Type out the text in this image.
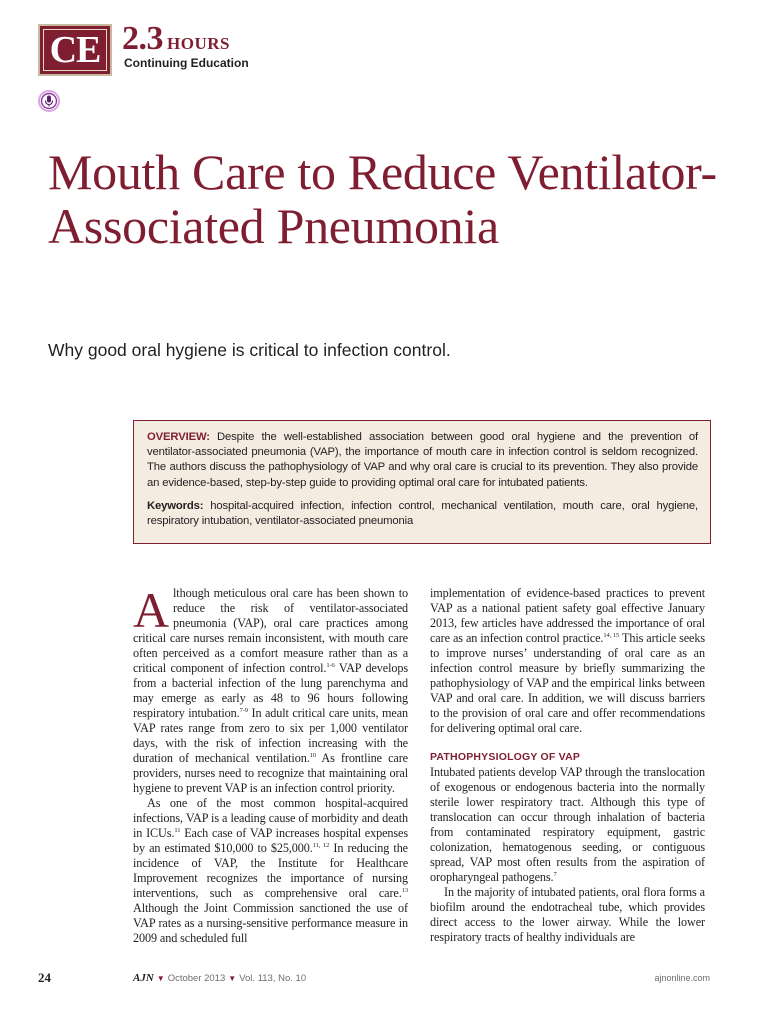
CE 2.3 HOURS
Continuing Education
Mouth Care to Reduce Ventilator-Associated Pneumonia

Why good oral hygiene is critical to infection control.

OVERVIEW: Despite the well-established association between good oral hygiene and the prevention of ventilator-associated pneumonia (VAP), the importance of mouth care in infection control is seldom recognized. The authors discuss the pathophysiology of VAP and why oral care is crucial to its prevention. They also provide an evidence-based, step-by-step guide to providing optimal oral care for intubated patients.

Keywords: hospital-acquired infection, infection control, mechanical ventilation, mouth care, oral hygiene, respiratory intubation, ventilator-associated pneumonia

Although meticulous oral care has been shown to reduce the risk of ventilator-associated pneumonia (VAP), oral care practices among critical care nurses remain inconsistent, with mouth care often perceived as a comfort measure rather than as a critical component of infection control.$^{1-6}$ VAP develops from a bacterial infection of the lung parenchyma and may emerge as early as 48 to 96 hours following respiratory intubation.$^{7-9}$ In adult critical care units, mean VAP rates range from zero to six per 1,000 ventilator days, with the risk of infection increasing with the duration of mechanical ventilation.$^{10}$ As frontline care providers, nurses need to recognize that maintaining oral hygiene to prevent VAP is an infection control priority.

As one of the most common hospital-acquired infections, VAP is a leading cause of morbidity and death in ICUs.$^{11}$ Each case of VAP increases hospital expenses by an estimated $10,000 to $25,000.$^{11, 12}$ In reducing the incidence of VAP, the Institute for Healthcare Improvement recognizes the importance of nursing interventions, such as comprehensive oral care.$^{13}$ Although the Joint Commission sanctioned the use of VAP rates as a nursing-sensitive performance measure in 2009 and scheduled full

implementation of evidence-based practices to prevent VAP as a national patient safety goal effective January 2013, few articles have addressed the importance of oral care as an infection control practice.$^{14, 15}$ This article seeks to improve nurses’ understanding of oral care as an infection control measure by briefly summarizing the pathophysiology of VAP and the empirical links between VAP and oral care. In addition, we will discuss barriers to the provision of oral care and offer recommendations for delivering optimal oral care.

PATHOPHYSIOLOGY OF VAP

Intubated patients develop VAP through the translocation of exogenous or endogenous bacteria into the normally sterile lower respiratory tract. Although this type of translocation can occur through inhalation of bacteria from contaminated respiratory equipment, gastric colonization, hematogenous seeding, or contiguous spread, VAP most often results from the aspiration of oropharyngeal pathogens.$^7$

In the majority of intubated patients, oral flora forms a biofilm around the endotracheal tube, which provides direct access to the lower airway. While the lower respiratory tracts of healthy individuals are

24	AJN ▼ October 2013 ▼ Vol. 113, No. 10	ajnonline.com
